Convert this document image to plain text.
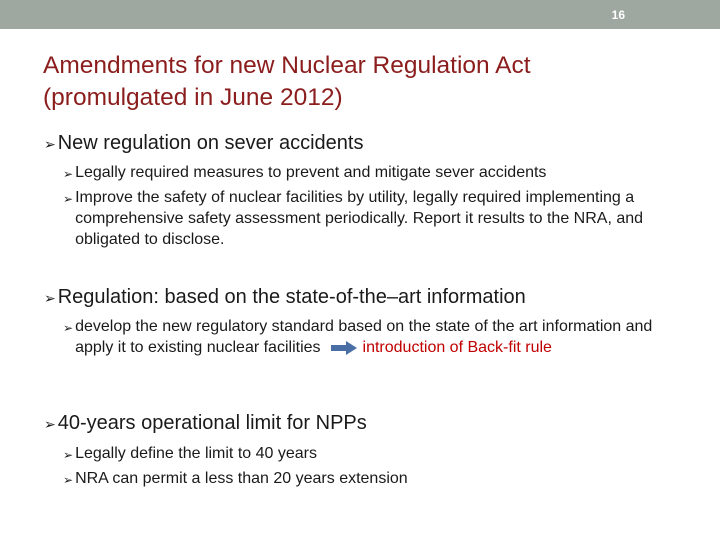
16
Amendments for new Nuclear Regulation Act
(promulgated in June 2012)
➢ New regulation on sever accidents
➢ Legally required measures to prevent and mitigate sever accidents
➢ Improve the safety of nuclear facilities by utility, legally required implementing a comprehensive safety assessment periodically. Report it results to the NRA, and obligated to disclose.
➢ Regulation: based on the state-of-the–art information
➢ develop the new regulatory standard based on the state of the art information and apply it to existing nuclear facilities	introduction of Back-fit rule
➢ 40-years operational limit for NPPs
➢ Legally define the limit to 40 years
➢ NRA can permit a less than 20 years extension
